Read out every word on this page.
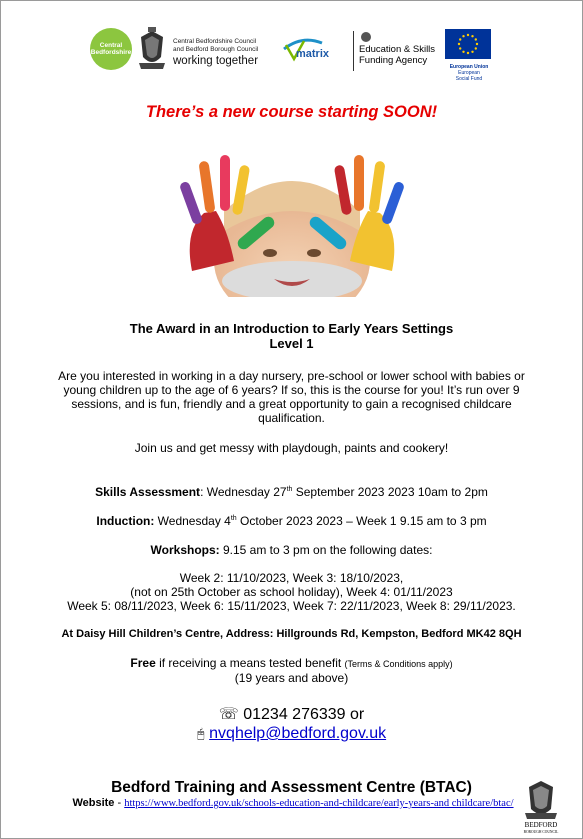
Central
Bedfordshire
Central Bedfordshire Council
and Bedford Borough Council
working together
matrix	Education & Skills
Funding Agency
European Union
European
Social Fund
There’s a new course starting SOON!
The Award in an Introduction to Early Years Settings
Level 1
Are you interested in working in a day nursery, pre-school or lower school with babies or young children up to the age of 6 years? If so, this is the course for you! It’s run over 9 sessions, and is fun, friendly and a great opportunity to gain a recognised childcare qualification.
Join us and get messy with playdough, paints and cookery!
Skills Assessment: Wednesday 27th September 2023 2023 10am to 2pm
Induction: Wednesday 4th October 2023 2023 – Week 1 9.15 am to 3 pm
Workshops: 9.15 am to 3 pm on the following dates:
Week 2: 11/10/2023, Week 3: 18/10/2023,
(not on 25th October as school holiday), Week 4: 01/11/2023
Week 5: 08/11/2023, Week 6: 15/11/2023, Week 7: 22/11/2023, Week 8: 29/11/2023.
At Daisy Hill Children’s Centre, Address: Hillgrounds Rd, Kempston, Bedford MK42 8QH
Free if receiving a means tested benefit (Terms & Conditions apply)
(19 years and above)
☏ 01234 276339 or
🖰 nvqhelp@bedford.gov.uk
Bedford Training and Assessment Centre (BTAC)
Website - https://www.bedford.gov.uk/schools-education-and-childcare/early-years-and childcare/btac/
BEDFORD
BOROUGH COUNCIL
